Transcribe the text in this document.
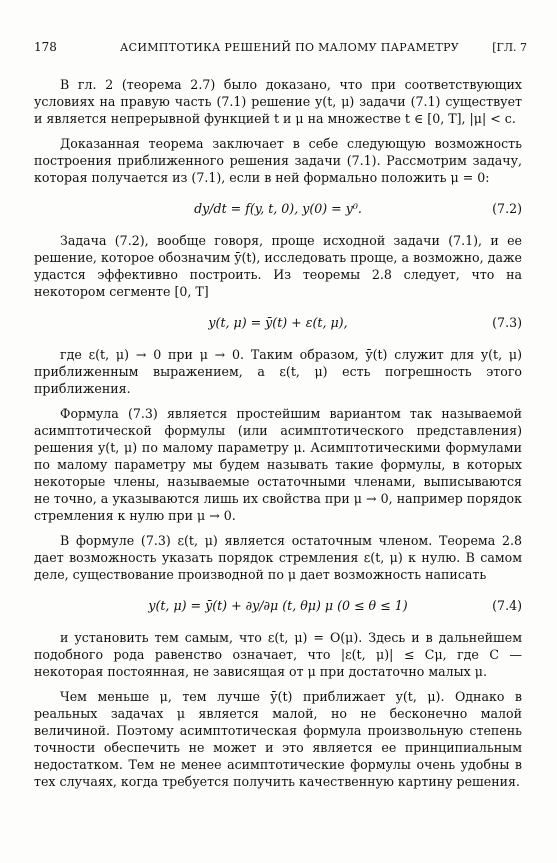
178	АСИМПТОТИКА РЕШЕНИЙ ПО МАЛОМУ ПАРАМЕТРУ	[ГЛ. 7

В гл. 2 (теорема 2.7) было доказано, что при соответствующих условиях на правую часть (7.1) решение y(t, μ) задачи (7.1) существует и является непрерывной функцией t и μ на множестве t ∈ [0, T], |μ| < c.

Доказанная теорема заключает в себе следующую возможность построения приближенного решения задачи (7.1). Рассмотрим задачу, которая получается из (7.1), если в ней формально положить μ = 0:

dy/dt = f(y, t, 0), y(0) = y⁰.	(7.2)

Задача (7.2), вообще говоря, проще исходной задачи (7.1), и ее решение, которое обозначим ȳ(t), исследовать проще, а возможно, даже удастся эффективно построить. Из теоремы 2.8 следует, что на некотором сегменте [0, T]

y(t, μ) = ȳ(t) + ε(t, μ),	(7.3)

где ε(t, μ) → 0 при μ → 0. Таким образом, ȳ(t) служит для y(t, μ) приближенным выражением, а ε(t, μ) есть погрешность этого приближения.

Формула (7.3) является простейшим вариантом так называемой асимптотической формулы (или асимптотического представления) решения y(t, μ) по малому параметру μ. Асимптотическими формулами по малому параметру мы будем называть такие формулы, в которых некоторые члены, называемые остаточными членами, выписываются не точно, а указываются лишь их свойства при μ → 0, например порядок стремления к нулю при μ → 0.

В формуле (7.3) ε(t, μ) является остаточным членом. Теорема 2.8 дает возможность указать порядок стремления ε(t, μ) к нулю. В самом деле, существование производной по μ дает возможность написать

y(t, μ) = ȳ(t) + ∂y/∂μ (t, θμ) μ (0 ≤ θ ≤ 1)	(7.4)

и установить тем самым, что ε(t, μ) = O(μ). Здесь и в дальнейшем подобного рода равенство означает, что |ε(t, μ)| ≤ Cμ, где C — некоторая постоянная, не зависящая от μ при достаточно малых μ.

Чем меньше μ, тем лучше ȳ(t) приближает y(t, μ). Однако в реальных задачах μ является малой, но не бесконечно малой величиной. Поэтому асимптотическая формула произвольную степень точности обеспечить не может и это является ее принципиальным недостатком. Тем не менее асимптотические формулы очень удобны в тех случаях, когда требуется получить качественную картину решения.
